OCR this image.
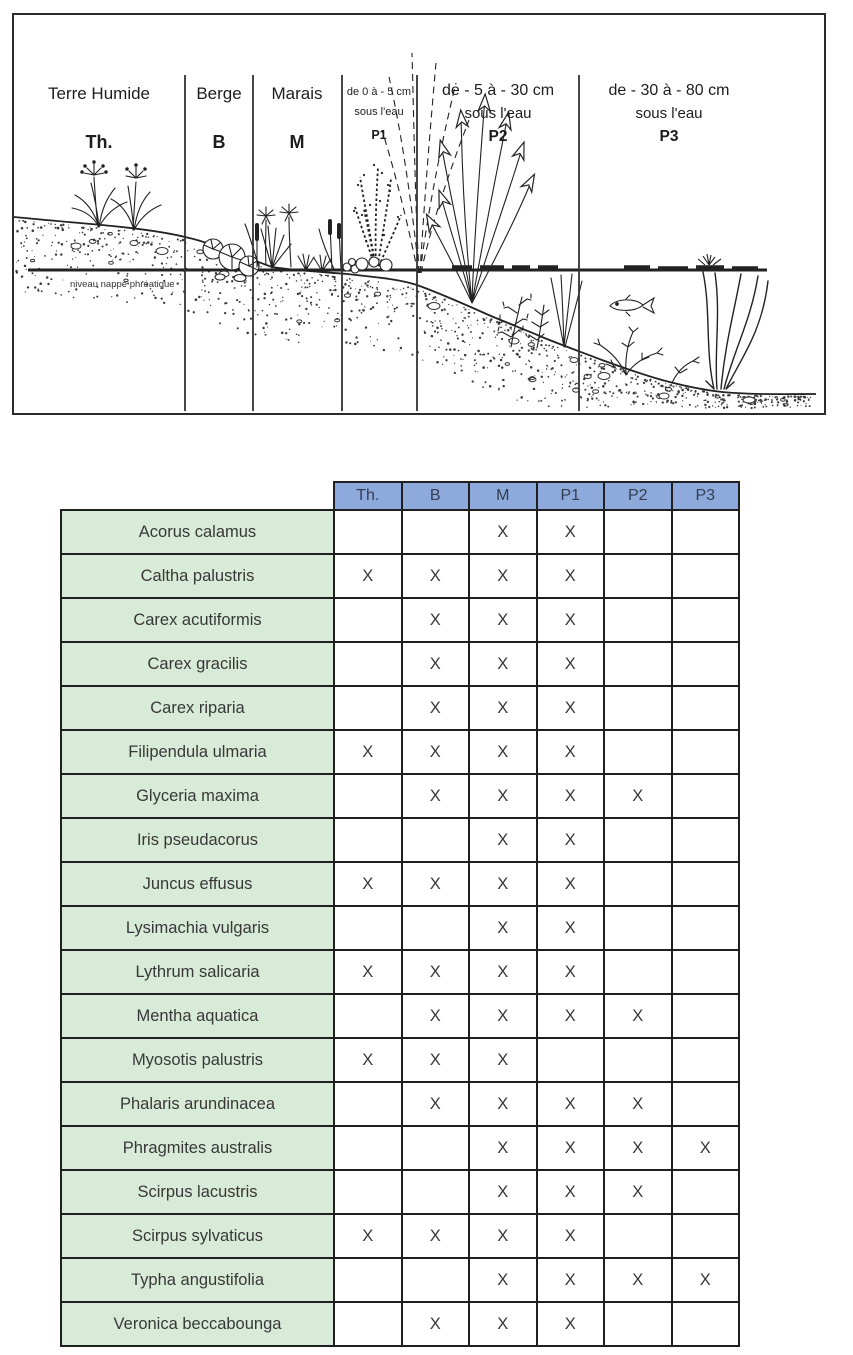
niveau nappe phréatique
Terre Humide
Th.
Berge
B
Marais
M
de 0 à - 5 cm
sous l'eau
P1
de - 5 à - 30 cm
sous l'eau
P2
de - 30 à - 80 cm
sous l'eau
P3
	Th.	B	M	P1	P2	P3
Acorus calamus			X	X		
Caltha palustris	X	X	X	X		
Carex acutiformis		X	X	X		
Carex gracilis		X	X	X		
Carex riparia		X	X	X		
Filipendula ulmaria	X	X	X	X		
Glyceria maxima		X	X	X	X	
Iris pseudacorus			X	X		
Juncus effusus	X	X	X	X		
Lysimachia vulgaris			X	X		
Lythrum salicaria	X	X	X	X		
Mentha aquatica		X	X	X	X	
Myosotis palustris	X	X	X			
Phalaris arundinacea		X	X	X	X	
Phragmites australis			X	X	X	X
Scirpus lacustris			X	X	X	
Scirpus sylvaticus	X	X	X	X		
Typha angustifolia			X	X	X	X
Veronica beccabounga		X	X	X		
